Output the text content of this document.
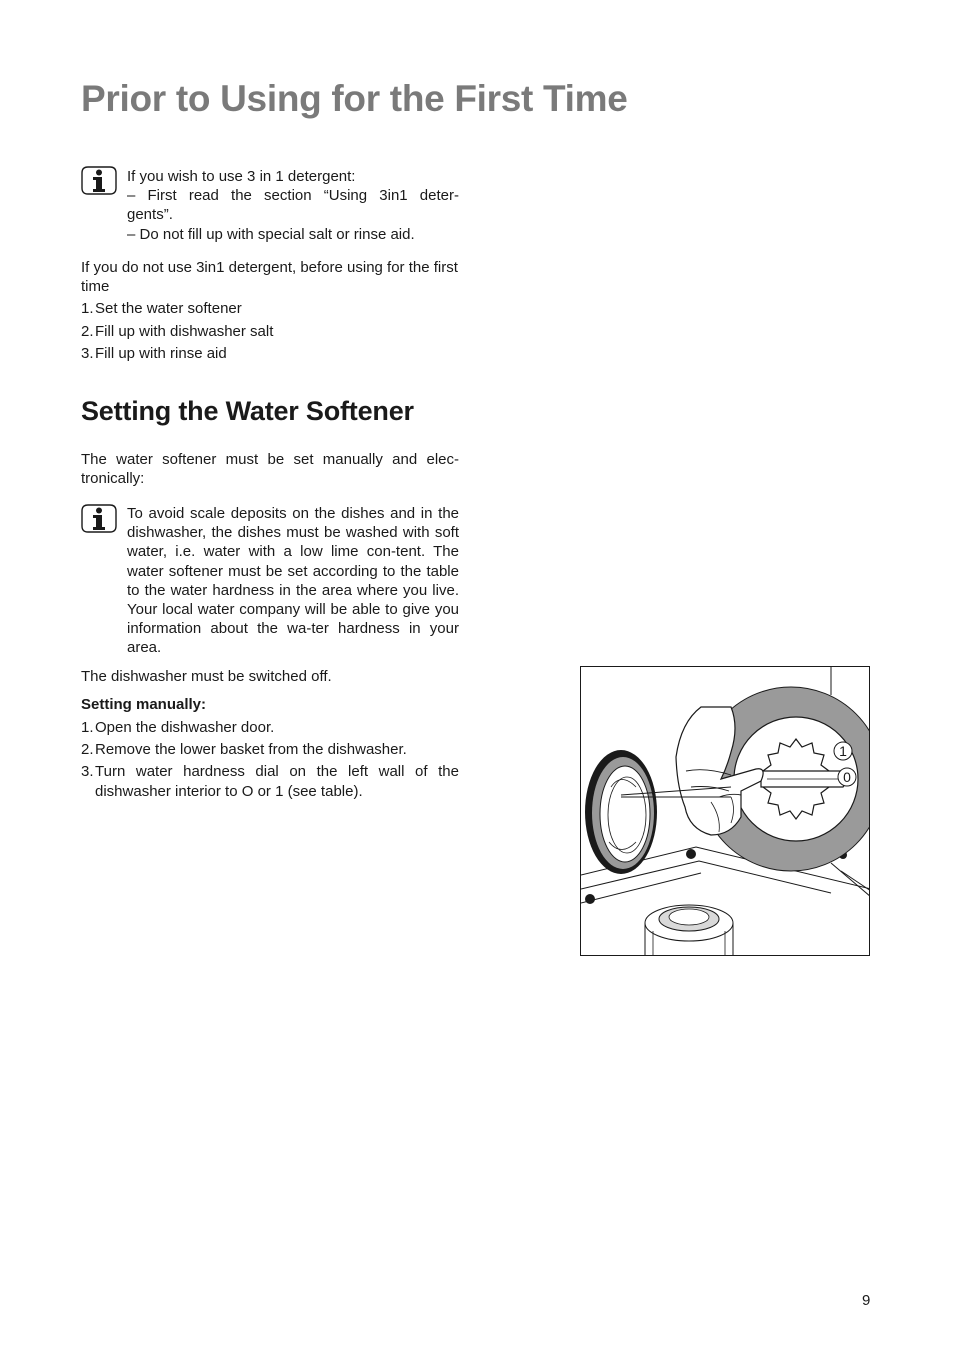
Prior to Using for the First Time
If you wish to use 3 in 1 detergent:
– First read the section “Using 3in1 deter-gents”.
– Do not fill up with special salt or rinse aid.
If you do not use 3in1 detergent, before using for the first time
1. Set the water softener
2. Fill up with dishwasher salt
3. Fill up with rinse aid
Setting the Water Softener
The water softener must be set manually and elec-tronically:
To avoid scale deposits on the dishes and in the dishwasher, the dishes must be washed with soft water, i.e. water with a low lime con-tent. The water softener must be set according to the table to the water hardness in the area where you live. Your local water company will be able to give you information about the wa-ter hardness in your area.
The dishwasher must be switched off.
Setting manually:
1. Open the dishwasher door.
2. Remove the lower basket from the dishwasher.
3. Turn water hardness dial on the left wall of the dishwasher interior to O or 1 (see table).
1
0
9
